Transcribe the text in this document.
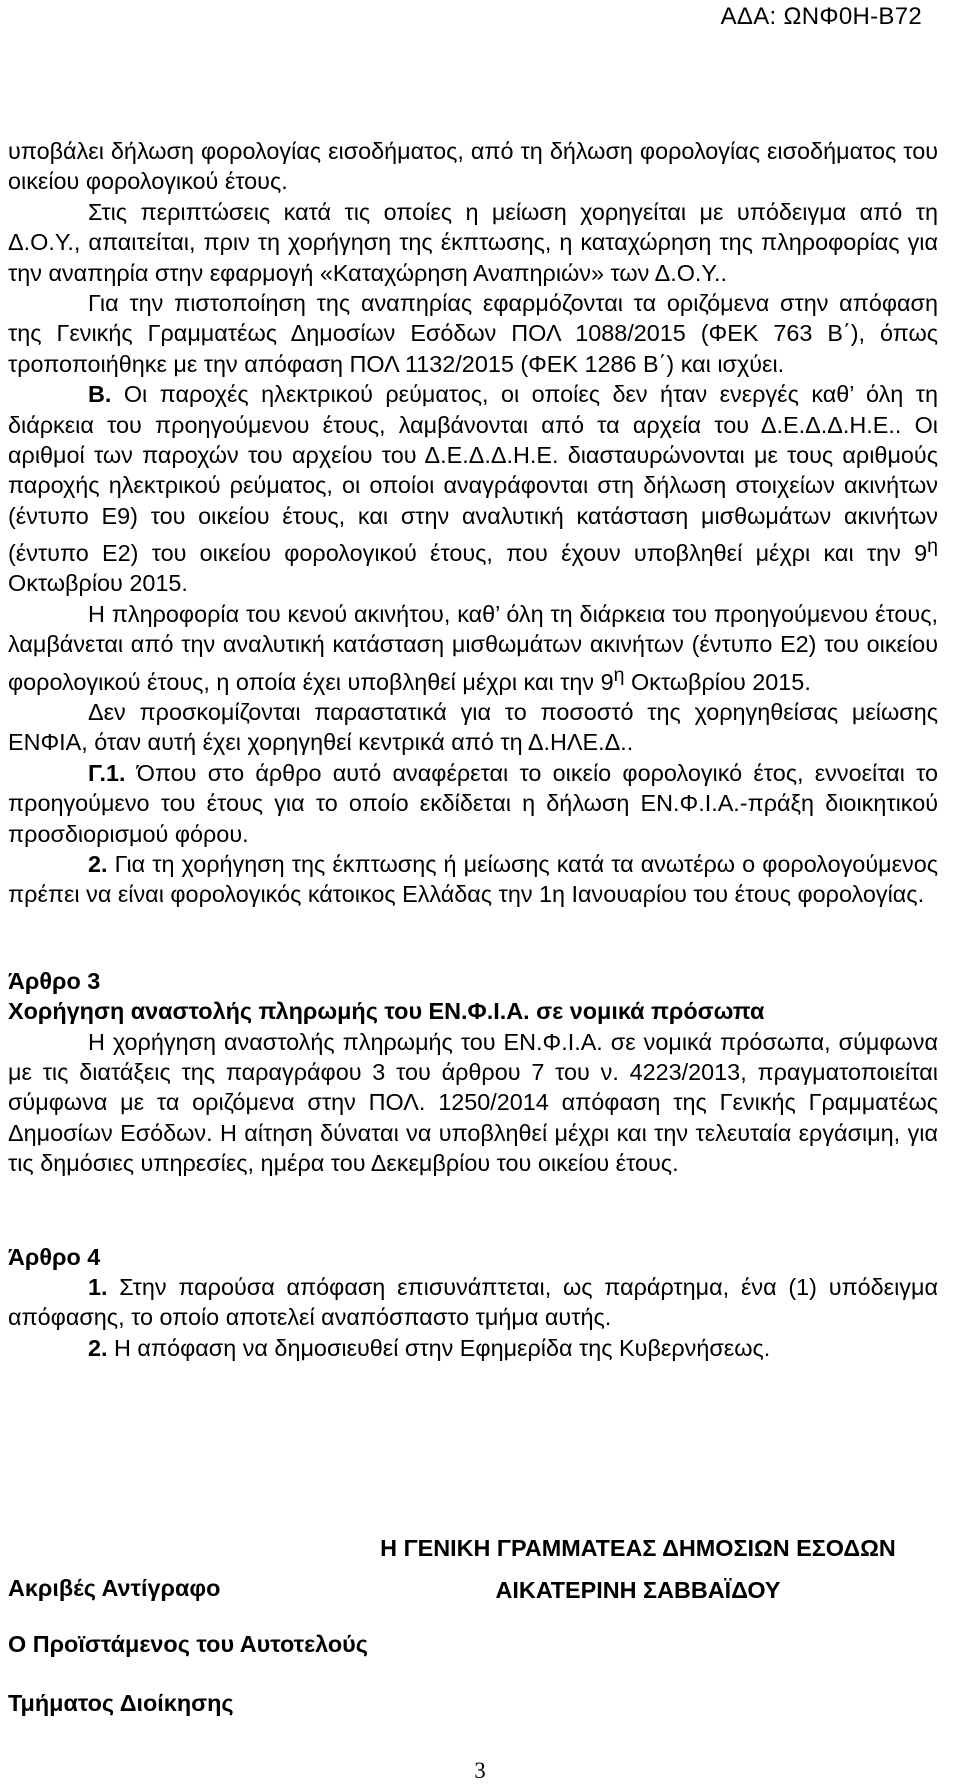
ΑΔΑ: ΩΝΦ0Η-Β72

υποβάλει δήλωση φορολογίας εισοδήματος, από τη δήλωση φορολογίας εισοδήματος του οικείου φορολογικού έτους.

Στις περιπτώσεις κατά τις οποίες η μείωση χορηγείται με υπόδειγμα από τη Δ.Ο.Υ., απαιτείται, πριν τη χορήγηση της έκπτωσης, η καταχώρηση της πληροφορίας για την αναπηρία στην εφαρμογή «Καταχώρηση Αναπηριών» των Δ.Ο.Υ..

Για την πιστοποίηση της αναπηρίας εφαρμόζονται τα οριζόμενα στην απόφαση της Γενικής Γραμματέως Δημοσίων Εσόδων ΠΟΛ 1088/2015 (ΦΕΚ 763 Β΄), όπως τροποποιήθηκε με την απόφαση ΠΟΛ 1132/2015 (ΦΕΚ 1286 Β΄) και ισχύει.

Β. Οι παροχές ηλεκτρικού ρεύματος, οι οποίες δεν ήταν ενεργές καθ’ όλη τη διάρκεια του προηγούμενου έτους, λαμβάνονται από τα αρχεία του Δ.Ε.Δ.Δ.Η.Ε.. Οι αριθμοί των παροχών του αρχείου του Δ.Ε.Δ.Δ.Η.Ε. διασταυρώνονται με τους αριθμούς παροχής ηλεκτρικού ρεύματος, οι οποίοι αναγράφονται στη δήλωση στοιχείων ακινήτων (έντυπο Ε9) του οικείου έτους, και στην αναλυτική κατάσταση μισθωμάτων ακινήτων (έντυπο Ε2) του οικείου φορολογικού έτους, που έχουν υποβληθεί μέχρι και την $9^\eta$ Οκτωβρίου 2015.

Η πληροφορία του κενού ακινήτου, καθ’ όλη τη διάρκεια του προηγούμενου έτους, λαμβάνεται από την αναλυτική κατάσταση μισθωμάτων ακινήτων (έντυπο Ε2) του οικείου φορολογικού έτους, η οποία έχει υποβληθεί μέχρι και την $9^\eta$ Οκτωβρίου 2015.

Δεν προσκομίζονται παραστατικά για το ποσοστό της χορηγηθείσας μείωσης ΕΝΦΙΑ, όταν αυτή έχει χορηγηθεί κεντρικά από τη Δ.ΗΛΕ.Δ..

Γ.1. Όπου στο άρθρο αυτό αναφέρεται το οικείο φορολογικό έτος, εννοείται το προηγούμενο του έτους για το οποίο εκδίδεται η δήλωση ΕΝ.Φ.Ι.Α.-πράξη διοικητικού προσδιορισμού φόρου.

2. Για τη χορήγηση της έκπτωσης ή μείωσης κατά τα ανωτέρω ο φορολογούμενος πρέπει να είναι φορολογικός κάτοικος Ελλάδας την 1η Ιανουαρίου του έτους φορολογίας.

Άρθρο 3

Χορήγηση αναστολής πληρωμής του ΕΝ.Φ.Ι.Α. σε νομικά πρόσωπα

Η χορήγηση αναστολής πληρωμής του ΕΝ.Φ.Ι.Α. σε νομικά πρόσωπα, σύμφωνα με τις διατάξεις της παραγράφου 3 του άρθρου 7 του ν. 4223/2013, πραγματοποιείται σύμφωνα με τα οριζόμενα στην ΠΟΛ. 1250/2014 απόφαση της Γενικής Γραμματέως Δημοσίων Εσόδων. Η αίτηση δύναται να υποβληθεί μέχρι και την τελευταία εργάσιμη, για τις δημόσιες υπηρεσίες, ημέρα του Δεκεμβρίου του οικείου έτους.

Άρθρο 4

1. Στην παρούσα απόφαση επισυνάπτεται, ως παράρτημα, ένα (1) υπόδειγμα απόφασης, το οποίο αποτελεί αναπόσπαστο τμήμα αυτής.

2. Η απόφαση να δημοσιευθεί στην Εφημερίδα της Κυβερνήσεως.

Η ΓΕΝΙΚΗ ΓΡΑΜΜΑΤΕΑΣ ΔΗΜΟΣΙΩΝ ΕΣΟΔΩΝ
ΑΙΚΑΤΕΡΙΝΗ ΣΑΒΒΑΪΔΟΥ
Ακριβές Αντίγραφο
Ο Προϊστάμενος του Αυτοτελούς
Τμήματος Διοίκησης
3
